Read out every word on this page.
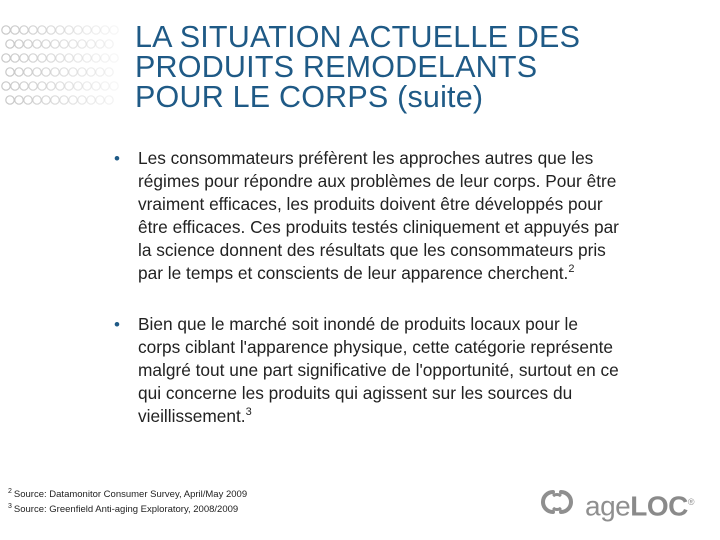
LA SITUATION ACTUELLE DES
PRODUITS REMODELANTS
POUR LE CORPS (suite)
• Les consommateurs préfèrent les approches autres que les
régimes pour répondre aux problèmes de leur corps. Pour être
vraiment efficaces, les produits doivent être développés pour
être efficaces. Ces produits testés cliniquement et appuyés par
la science donnent des résultats que les consommateurs pris
par le temps et conscients de leur apparence cherchent.$^2$
• Bien que le marché soit inondé de produits locaux pour le
corps ciblant l'apparence physique, cette catégorie représente
malgré tout une part significative de l'opportunité, surtout en ce
qui concerne les produits qui agissent sur les sources du
vieillissement.$^3$
$^2$ Source: Datamonitor Consumer Survey, April/May 2009
$^3$ Source: Greenfield Anti-aging Exploratory, 2008/2009	ageLOC®
